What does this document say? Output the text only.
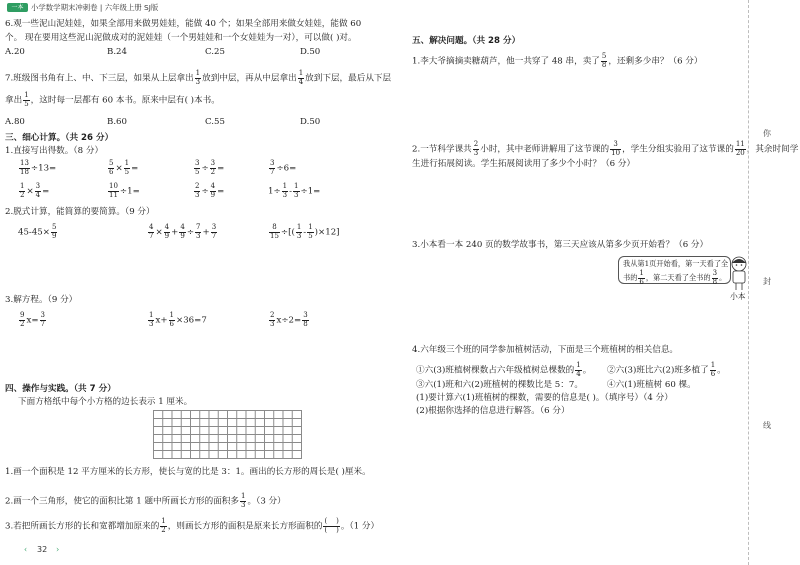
一本	小学数学期末冲刺卷 | 六年级上册 SJ版
6.观一些泥山泥娃娃，如果全部用来做男娃娃，能做 40 个；如果全部用来做女娃娃，能做 60
个。 现在要用这些泥山泥做成对的泥娃娃（一个男娃娃和一个女娃娃为一对），可以做( )对。
A.20	B.24	C.25	D.50
7.班级图书角有上、中、下三层，如果从上层拿出 $\frac{1}{3}$ 放到中层，再从中层拿出 $\frac{1}{4}$ 放到下层，最后从下层
拿出 $\frac{1}{5}$ ，这时每一层都有 60 本书。原来中层有( )本书。
A.80	B.60	C.55	D.50
三、细心计算。（共 26 分）
1.直接写出得数。（8 分）
$\frac{13}{18} \div 13=$	$\frac{5}{6} \times \frac{1}{5}$ =	$\frac{3}{5} \div \frac{3}{2}$ =	$\frac{3}{7} \div 6=$
$\frac{1}{2} \times \frac{3}{4}$ =	$\frac{10}{11} \div 1=$	$\frac{2}{3} \div \frac{4}{9}$ =	$1\div \frac{1}{3} - \frac{1}{3} \div 1=$
2.脱式计算，能简算的要简算。（9 分）
$45-45\times \frac{5}{9}$	$\frac{4}{7} \times \frac{4}{9} + \frac{4}{9} \div \frac{7}{3} + \frac{3}{7}$	$\frac{8}{15}$ ÷[( $\frac{1}{3} - \frac{1}{5} )\times 12$]
3.解方程。（9 分）
$\frac{9}{2} x= \frac{3}{7}$	$\frac{1}{3} x+ \frac{1}{6} \times 36=7$	$\frac{2}{3} x\div 2= \frac{3}{8}$
四、操作与实践。（共 7 分）
下面方格纸中每个小方格的边长表示 1 厘米。
1.画一个面积是 12 平方厘米的长方形，使长与宽的比是 3：1。画出的长方形的周长是( )厘米。
2.画一个三角形，使它的面积比第 1 题中所画长方形的面积多 $\frac{1}{3}$ 。（3 分）
3.若把所画长方形的长和宽都增加原来的 $\frac{1}{2}$ ，则画长方形的面积是原来长方形面积的 $\frac{( )}{( )}$ 。（1 分）
‹ 32 ›
五、解决问题。（共 28 分）
1.李大爷摘摘卖糖葫芦，他一共穿了 48 串，卖了 $\frac{5}{8}$ ，还剩多少串？（6 分）
2.一节科学课共 $\frac{2}{3}$ 小时，其中老师讲解用了这节课的 $\frac{3}{10}$ ，学生分组实验用了这节课的 $\frac{11}{20}$ ，其余时间学
生进行拓展阅读。学生拓展阅读用了多少个小时？（6 分）
3.小本看一本 240 页的数学故事书，第三天应该从第多少页开始看？（6 分）
我从第1页开始看，第一天看了全
书的 $\frac{1}{6}$ ，第二天看了全书的 $\frac{3}{8}$ 。
小本
4.六年级三个班的同学参加植树活动，下面是三个班植树的相关信息。
①六(3)班植树棵数占六年级植树总棵数的 $\frac{1}{4}$ 。 ②六(3)班比六(2)班多植了 $\frac{1}{6}$ 。
③六(1)班和六(2)班植树的棵数比是 5：7。	④六(1)班植树 60 棵。
(1)要计算六(1)班植树的棵数，需要的信息是( )。（填序号）（4 分）
(2)根据你选择的信息进行解答。（6 分）
你
封
线
